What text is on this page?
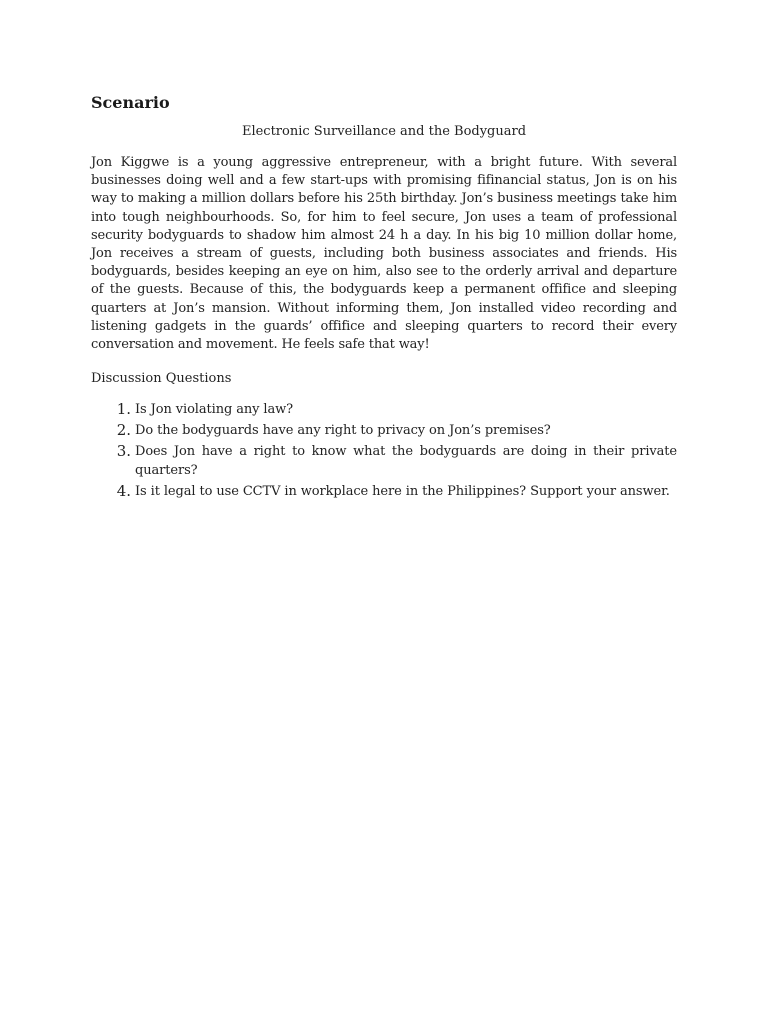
Scenario
Electronic Surveillance and the Bodyguard

Jon Kiggwe is a young aggressive entrepreneur, with a bright future. With several businesses doing well and a few start-ups with promising fifinancial status, Jon is on his way to making a million dollars before his 25th birthday. Jon’s business meetings take him into tough neighbourhoods. So, for him to feel secure, Jon uses a team of professional security bodyguards to shadow him almost 24 h a day. In his big 10 million dollar home, Jon receives a stream of guests, including both business associates and friends. His bodyguards, besides keeping an eye on him, also see to the orderly arrival and departure of the guests. Because of this, the bodyguards keep a permanent offifice and sleeping quarters at Jon’s mansion. Without informing them, Jon installed video recording and listening gadgets in the guards’ offifice and sleeping quarters to record their every conversation and movement. He feels safe that way!

Discussion Questions
1. Is Jon violating any law?
2. Do the bodyguards have any right to privacy on Jon’s premises?
3. Does Jon have a right to know what the bodyguards are doing in their private quarters?
4. Is it legal to use CCTV in workplace here in the Philippines? Support your answer.
